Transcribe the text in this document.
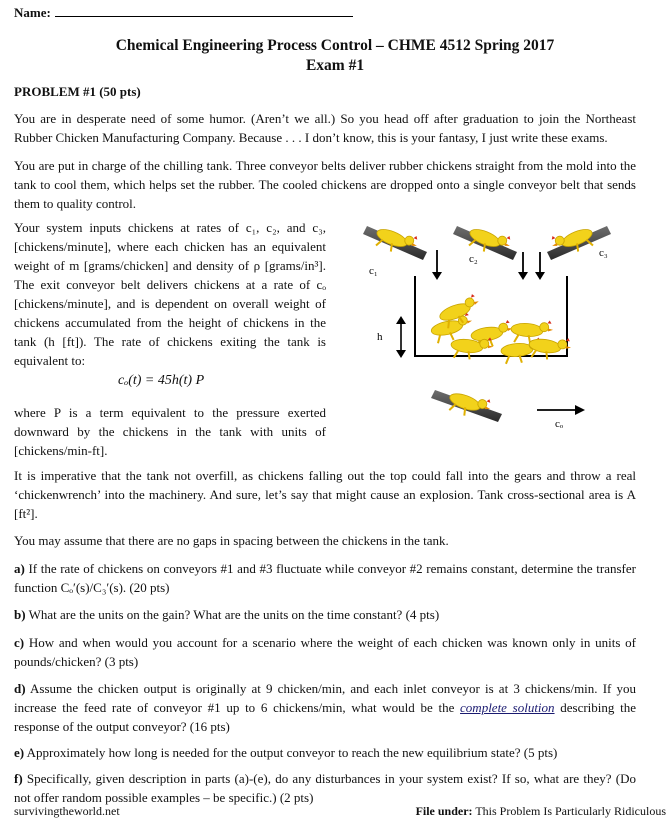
Name:
Chemical Engineering Process Control – CHME 4512 Spring 2017
Exam #1
PROBLEM #1 (50 pts)

You are in desperate need of some humor. (Aren’t we all.) So you head off after graduation to join the Northeast Rubber Chicken Manufacturing Company. Because . . . I don’t know, this is your fantasy, I just write these exams.

You are put in charge of the chilling tank. Three conveyor belts deliver rubber chickens straight from the mold into the tank to cool them, which helps set the rubber. The cooled chickens are dropped onto a single conveyor belt that sends them to quality control.

Your system inputs chickens at rates of c₁, c₂, and c₃, [chickens/minute], where each chicken has an equivalent weight of m [grams/chicken] and density of ρ [grams/in³]. The exit conveyor belt delivers chickens at a rate of cₒ [chickens/minute], and is dependent on overall weight of chickens accumulated from the height of chickens in the tank (h [ft]). The rate of chickens exiting the tank is equivalent to:

cₒ(t) = 45h(t) P

where P is a term equivalent to the pressure exerted downward by the chickens in the tank with units of [chickens/min-ft].

c₁
c₂	c₃
h
cₒ

It is imperative that the tank not overfill, as chickens falling out the top could fall into the gears and throw a real ‘chickenwrench’ into the machinery. And sure, let’s say that might cause an explosion. Tank cross-sectional area is A [ft²].

You may assume that there are no gaps in spacing between the chickens in the tank.

a) If the rate of chickens on conveyors #1 and #3 fluctuate while conveyor #2 remains constant, determine the transfer function Cₒ′(s)/C₃′(s). (20 pts)

b) What are the units on the gain? What are the units on the time constant? (4 pts)

c) How and when would you account for a scenario where the weight of each chicken was known only in units of pounds/chicken? (3 pts)

d) Assume the chicken output is originally at 9 chicken/min, and each inlet conveyor is at 3 chickens/min. If you increase the feed rate of conveyor #1 up to 6 chickens/min, what would be the complete solution describing the response of the output conveyor? (16 pts)

e) Approximately how long is needed for the output conveyor to reach the new equilibrium state? (5 pts)

f) Specifically, given description in parts (a)-(e), do any disturbances in your system exist? If so, what are they? (Do not offer random possible examples – be specific.) (2 pts)

survivingtheworld.net	File under: This Problem Is Particularly Ridiculous
